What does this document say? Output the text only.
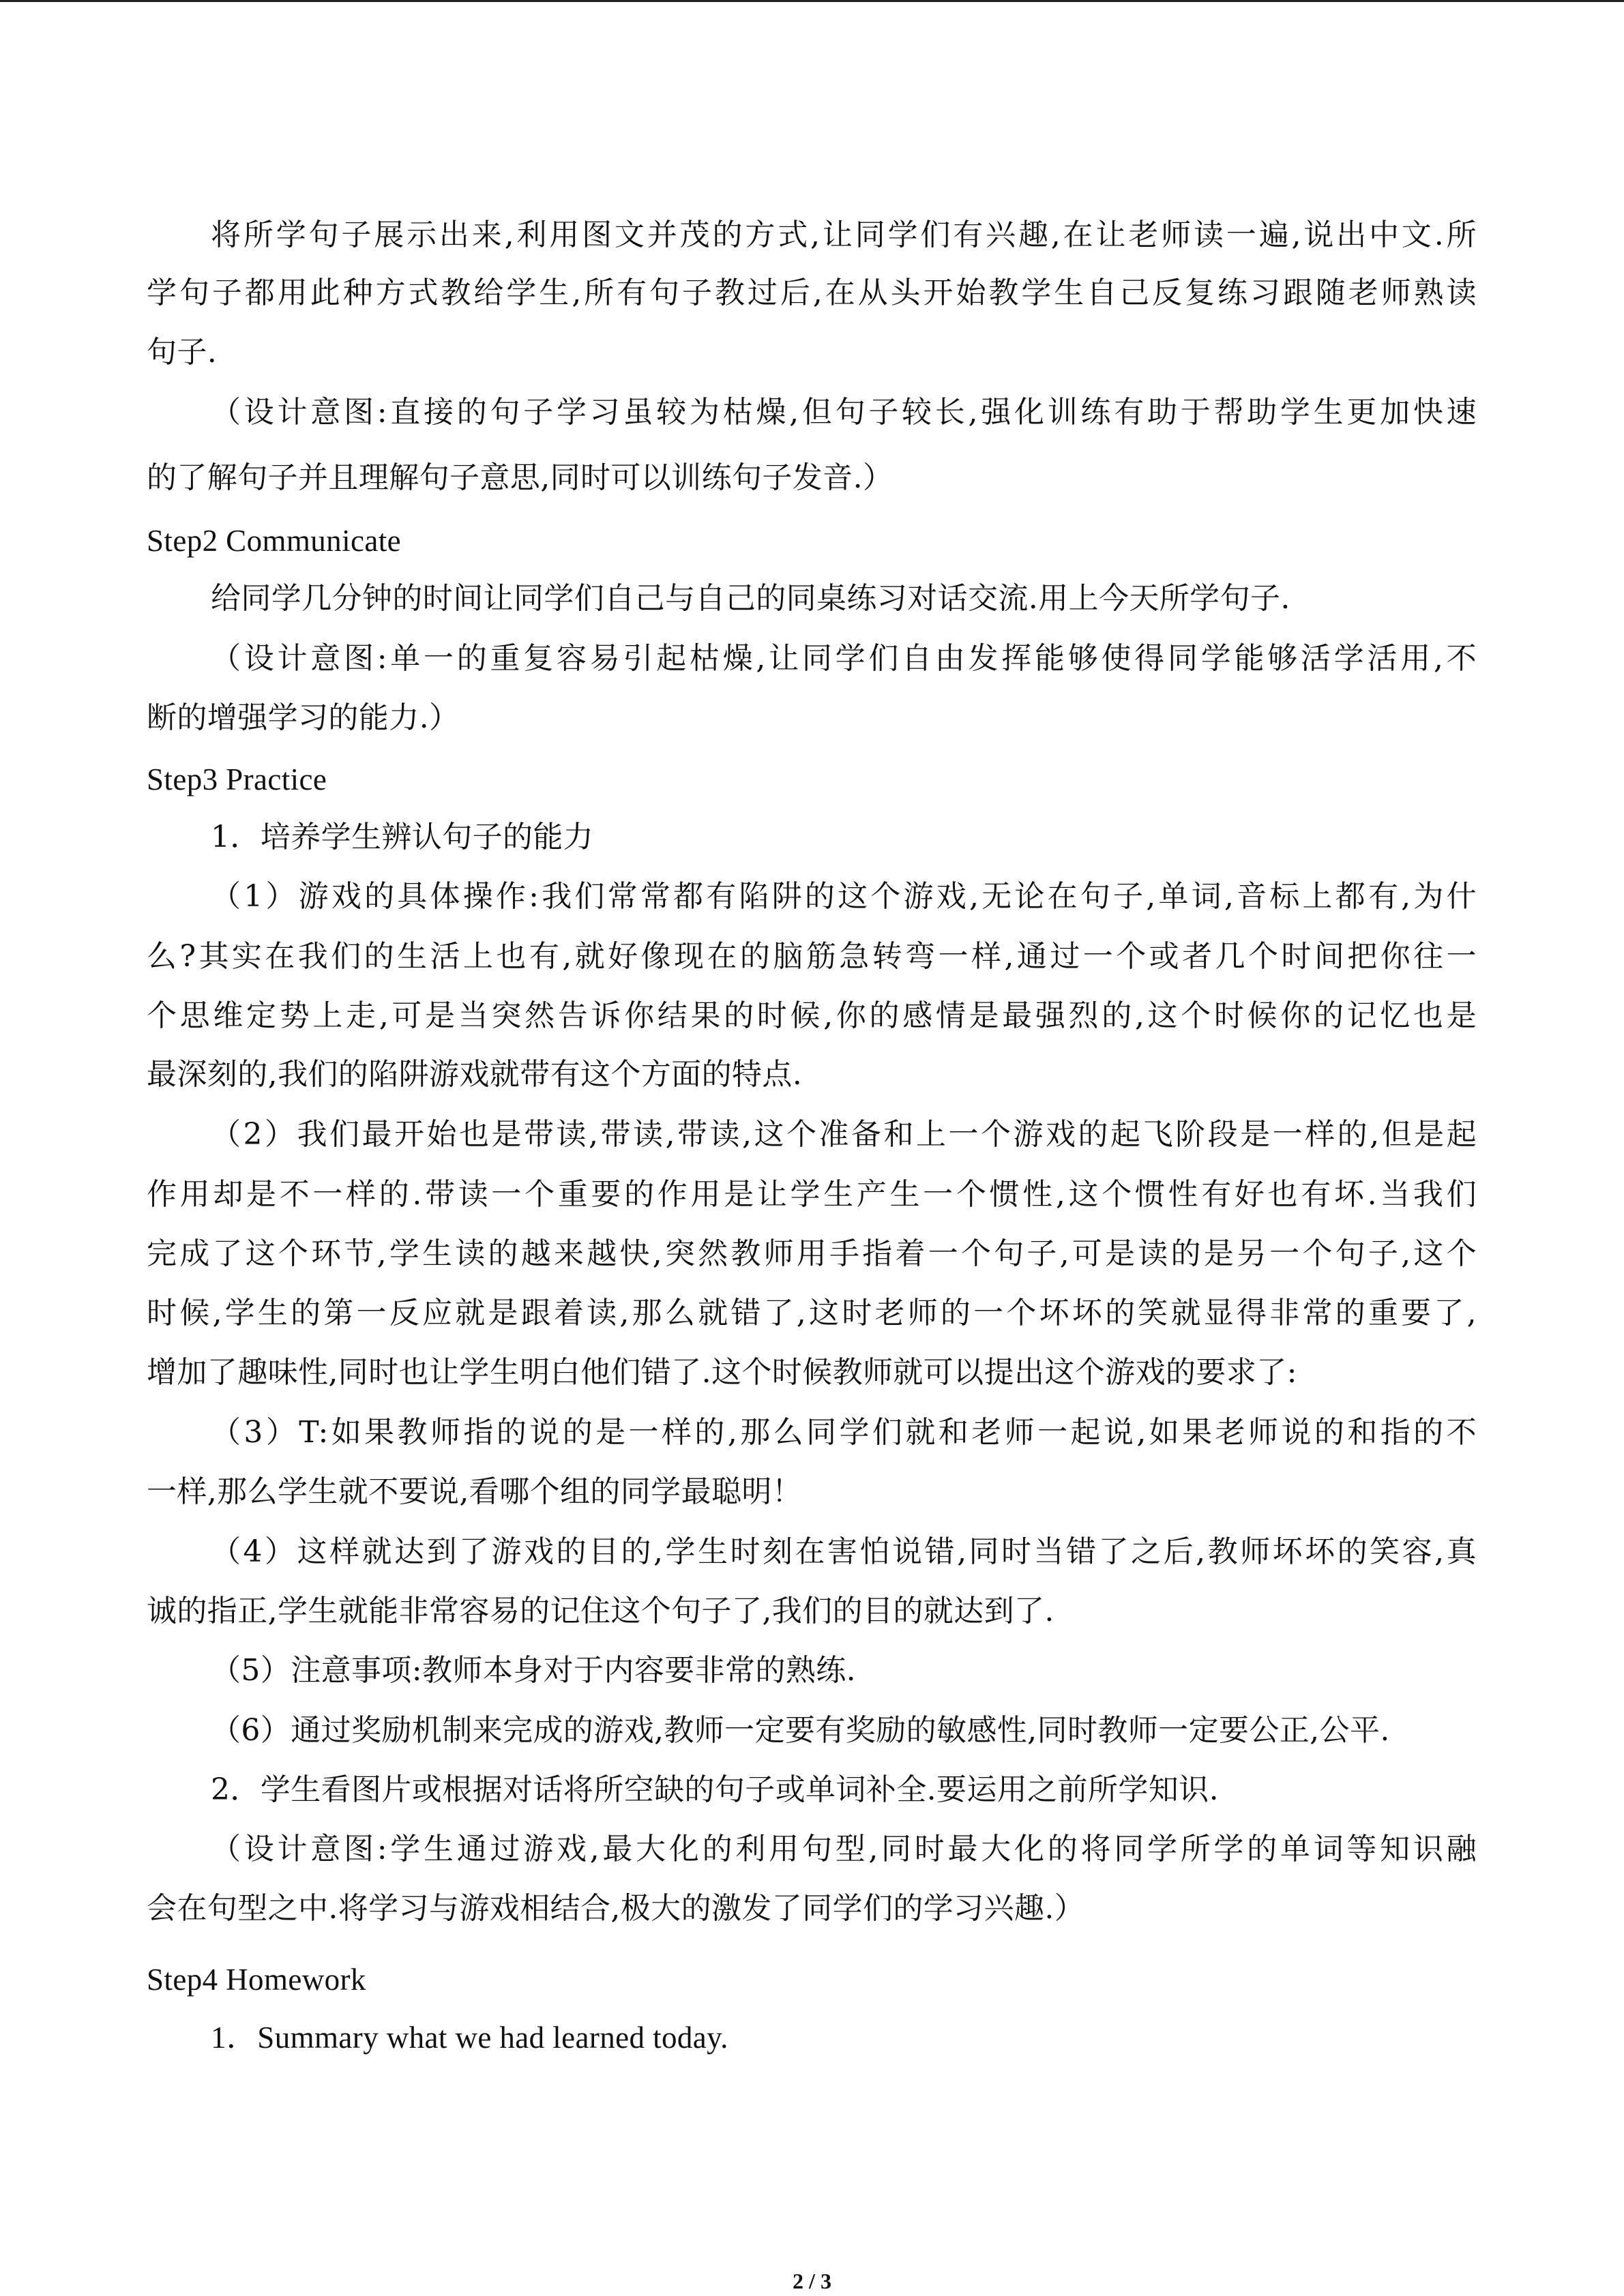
将所学句子展示出来,利用图文并茂的方式,让同学们有兴趣,在让老师读一遍,说出中文.所
学句子都用此种方式教给学生,所有句子教过后,在从头开始教学生自己反复练习跟随老师熟读
句子.
（设计意图:直接的句子学习虽较为枯燥,但句子较长,强化训练有助于帮助学生更加快速
的了解句子并且理解句子意思,同时可以训练句子发音.）
Step2 Communicate
给同学几分钟的时间让同学们自己与自己的同桌练习对话交流.用上今天所学句子.
（设计意图:单一的重复容易引起枯燥,让同学们自由发挥能够使得同学能够活学活用,不
断的增强学习的能力.）
Step3 Practice
1．培养学生辨认句子的能力
（1）游戏的具体操作:我们常常都有陷阱的这个游戏,无论在句子,单词,音标上都有,为什
么?其实在我们的生活上也有,就好像现在的脑筋急转弯一样,通过一个或者几个时间把你往一
个思维定势上走,可是当突然告诉你结果的时候,你的感情是最强烈的,这个时候你的记忆也是
最深刻的,我们的陷阱游戏就带有这个方面的特点.
（2）我们最开始也是带读,带读,带读,这个准备和上一个游戏的起飞阶段是一样的,但是起
作用却是不一样的.带读一个重要的作用是让学生产生一个惯性,这个惯性有好也有坏.当我们
完成了这个环节,学生读的越来越快,突然教师用手指着一个句子,可是读的是另一个句子,这个
时候,学生的第一反应就是跟着读,那么就错了,这时老师的一个坏坏的笑就显得非常的重要了,
增加了趣味性,同时也让学生明白他们错了.这个时候教师就可以提出这个游戏的要求了:
（3）T:如果教师指的说的是一样的,那么同学们就和老师一起说,如果老师说的和指的不
一样,那么学生就不要说,看哪个组的同学最聪明！
（4）这样就达到了游戏的目的,学生时刻在害怕说错,同时当错了之后,教师坏坏的笑容,真
诚的指正,学生就能非常容易的记住这个句子了,我们的目的就达到了.
（5）注意事项:教师本身对于内容要非常的熟练.
（6）通过奖励机制来完成的游戏,教师一定要有奖励的敏感性,同时教师一定要公正,公平.
2．学生看图片或根据对话将所空缺的句子或单词补全.要运用之前所学知识.
（设计意图:学生通过游戏,最大化的利用句型,同时最大化的将同学所学的单词等知识融
会在句型之中.将学习与游戏相结合,极大的激发了同学们的学习兴趣.）
Step4 Homework
1．Summary what we had learned today.
2 / 3
